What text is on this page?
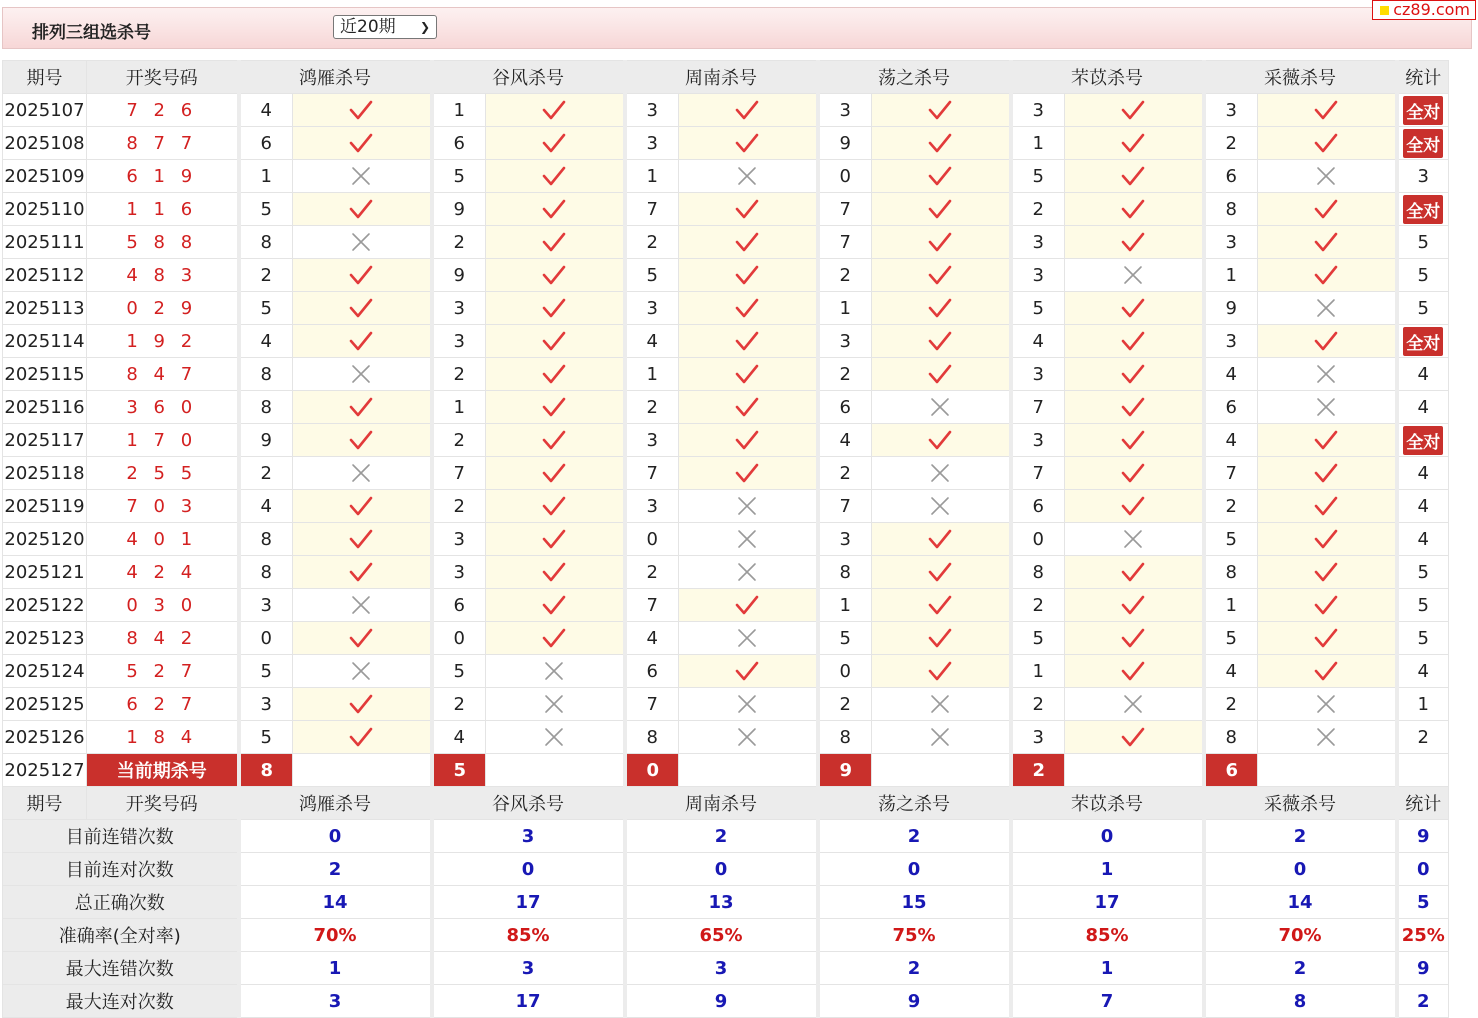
排列三组选杀号	近20期 ❯
cz89.com
期号	开奖号码	鸿雁杀号		谷风杀号		周南杀号		荡之杀号		芣苡杀号		采薇杀号		统计
2025107	7 2 6	4		1		3		3		3		3		全对
2025108	8 7 7	6		6		3		9		1		2		全对
2025109	6 1 9	1		5		1		0		5		6		3
2025110	1 1 6	5		9		7		7		2		8		全对
2025111	5 8 8	8		2		2		7		3		3		5
2025112	4 8 3	2		9		5		2		3		1		5
2025113	0 2 9	5		3		3		1		5		9		5
2025114	1 9 2	4		3		4		3		4		3		全对
2025115	8 4 7	8		2		1		2		3		4		4
2025116	3 6 0	8		1		2		6		7		6		4
2025117	1 7 0	9		2		3		4		3		4		全对
2025118	2 5 5	2		7		7		2		7		7		4
2025119	7 0 3	4		2		3		7		6		2		4
2025120	4 0 1	8		3		0		3		0		5		4
2025121	4 2 4	8		3		2		8		8		8		5
2025122	0 3 0	3		6		7		1		2		1		5
2025123	8 4 2	0		0		4		5		5		5		5
2025124	5 2 7	5		5		6		0		1		4		4
2025125	6 2 7	3		2		7		2		2		2		1
2025126	1 8 4	5		4		8		8		3		8		2
2025127	当前期杀号	8		5		0		9		2		6		
期号	开奖号码	鸿雁杀号		谷风杀号		周南杀号		荡之杀号		芣苡杀号		采薇杀号		统计
目前连错次数		0		3		2		2		0		2		9
目前连对次数		2		0		0		0		1		0		0
总正确次数		14		17		13		15		17		14		5
准确率(全对率)		70%		85%		65%		75%		85%		70%		25%
最大连错次数		1		3		3		2		1		2		9
最大连对次数		3		17		9		9		7		8		2
